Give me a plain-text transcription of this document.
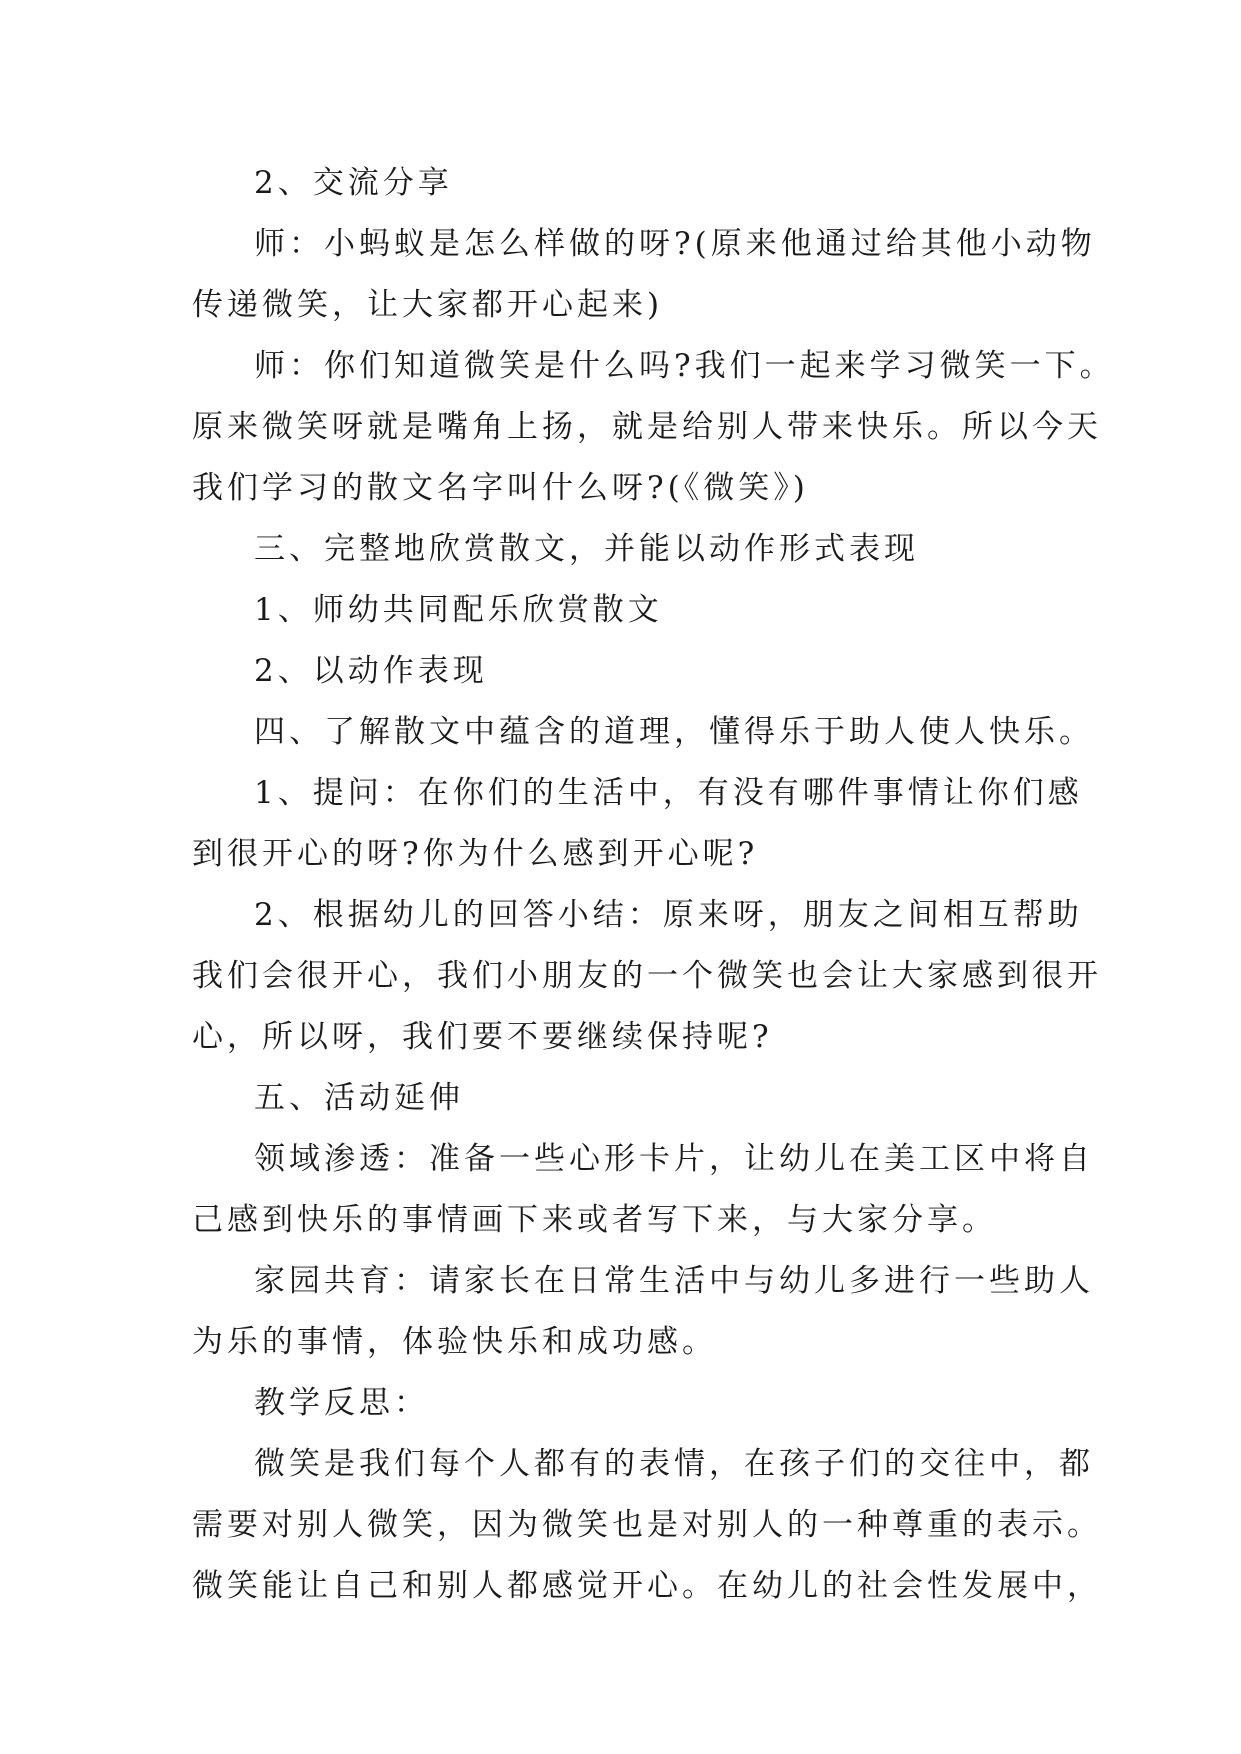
2、交流分享

师：小蚂蚁是怎么样做的呀?(原来他通过给其他小动物

传递微笑，让大家都开心起来)

师：你们知道微笑是什么吗?我们一起来学习微笑一下。

原来微笑呀就是嘴角上扬，就是给别人带来快乐。所以今天

我们学习的散文名字叫什么呀?(《微笑》)

三、完整地欣赏散文，并能以动作形式表现

1、师幼共同配乐欣赏散文

2、以动作表现

四、了解散文中蕴含的道理，懂得乐于助人使人快乐。

1、提问：在你们的生活中，有没有哪件事情让你们感

到很开心的呀?你为什么感到开心呢?

2、根据幼儿的回答小结：原来呀，朋友之间相互帮助

我们会很开心，我们小朋友的一个微笑也会让大家感到很开

心，所以呀，我们要不要继续保持呢?

五、活动延伸

领域渗透：准备一些心形卡片，让幼儿在美工区中将自

己感到快乐的事情画下来或者写下来，与大家分享。

家园共育：请家长在日常生活中与幼儿多进行一些助人

为乐的事情，体验快乐和成功感。

教学反思：

微笑是我们每个人都有的表情，在孩子们的交往中，都

需要对别人微笑，因为微笑也是对别人的一种尊重的表示。

微笑能让自己和别人都感觉开心。在幼儿的社会性发展中，
